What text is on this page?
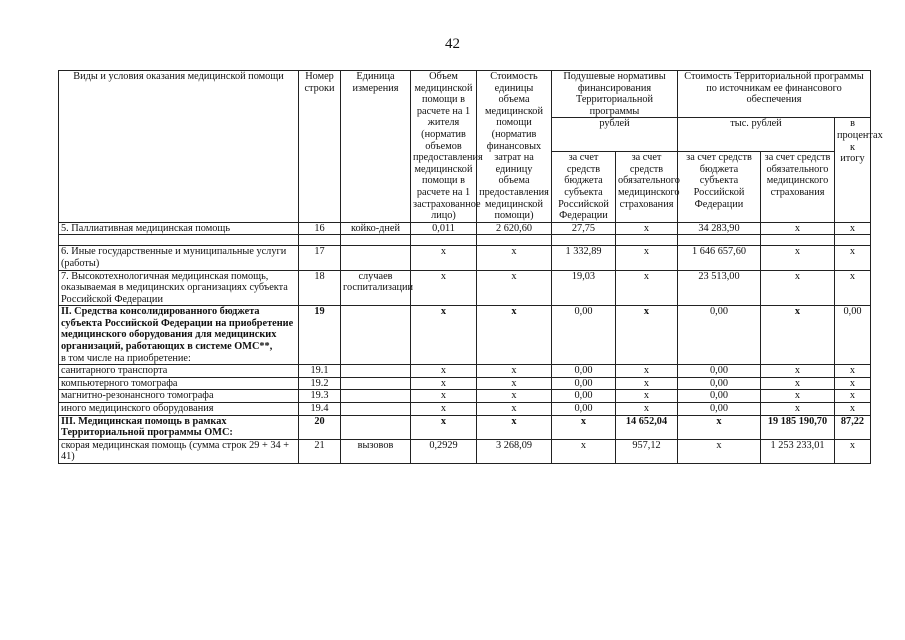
42
Виды и условия оказания медицинской помощи	Номер строки	Единица измерения	Объем медицинской помощи в расчете на 1 жителя (норматив объемов предоставления медицинской помощи в расчете на 1 застрахованное лицо)	Стоимость единицы объема медицинской помощи (норматив финансовых затрат на единицу объема предоставления медицинской помощи)	Подушевые нормативы финансирования Территориальной программы		Стоимость Территориальной программы по источникам ее финансового обеспечения		
					рублей		тыс. рублей		в процентах к итогу
					за счет средств бюджета субъекта Российской Федерации	за счет средств обязательного медицинского страхования	за счет средств бюджета субъекта Российской Федерации	за счет средств обязательного медицинского страхования	
5. Паллиативная медицинская помощь	16	койко-дней	0,011	2 620,60	27,75	х	34 283,90	х	х

6. Иные государственные и муниципальные услуги (работы)	17		х	х	1 332,89	х	1 646 657,60	х	х
7. Высокотехнологичная медицинская помощь, оказываемая в медицинских организациях субъекта Российской Федерации	18	случаев госпитализации	х	х	19,03	х	23 513,00	х	х

II. Средства консолидированного бюджета субъекта Российской Федерации на приобретение медицинского оборудования для медицинских организаций, работающих в системе ОМС**,
в том числе на приобретение:	19		х	х	0,00	х	0,00	х	0,00
санитарного транспорта	19.1		х	х	0,00	х	0,00	х	х
компьютерного томографа	19.2		х	х	0,00	х	0,00	х	х
магнитно-резонансного томографа	19.3		х	х	0,00	х	0,00	х	х
иного медицинского оборудования	19.4		х	х	0,00	х	0,00	х	х
III. Медицинская помощь в рамках Территориальной программы ОМС:	20		х	х	х	14 652,04	х	19 185 190,70	87,22
скорая медицинская помощь (сумма строк 29 + 34 + 41)	21	вызовов	0,2929	3 268,09	х	957,12	х	1 253 233,01	х
